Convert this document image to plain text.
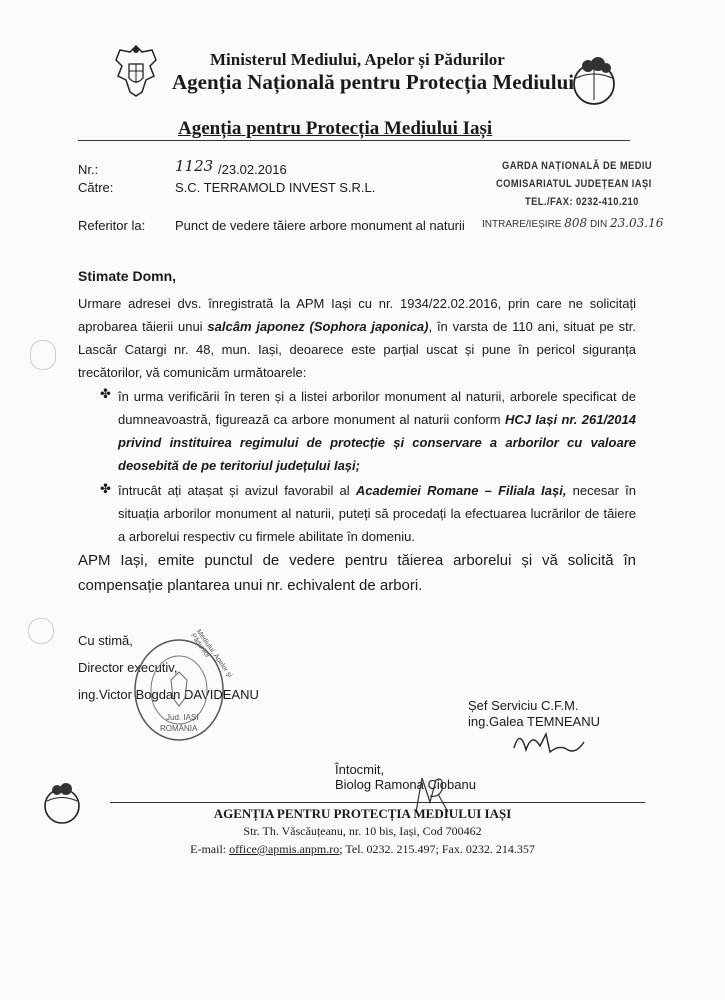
Ministerul Mediului, Apelor și Pădurilor
Agenția Națională pentru Protecția Mediului
Agenția pentru Protecția Mediului Iași
Nr.:	1123 /23.02.2016
Către:	S.C. TERRAMOLD INVEST S.R.L.
Referitor la: Punct de vedere tăiere arbore monument al naturii
GARDA NAȚIONALĂ DE MEDIU
COMISARIATUL JUDEȚEAN IAȘI
TEL./FAX: 0232-410.210
INTRARE/IEȘIRE 808 DIN 23.03.16
Stimate Domn,
Urmare adresei dvs. înregistrată la APM Iași cu nr. 1934/22.02.2016, prin care ne solicitați aprobarea tăierii unui salcâm japonez (Sophora japonica), în varsta de 110 ani, situat pe str. Lascăr Catargi nr. 48, mun. Iași, deoarece este parțial uscat și pune în pericol siguranța trecătorilor, vă comunicăm următoarele:
✤ în urma verificării în teren și a listei arborilor monument al naturii, arborele specificat de dumneavoastră, figurează ca arbore monument al naturii conform HCJ Iași nr. 261/2014 privind instituirea regimului de protecție și conservare a arborilor cu valoare deosebită de pe teritoriul județului Iași;
✤ întrucât ați atașat și avizul favorabil al Academiei Romane – Filiala Iași, necesar în situația arborilor monument al naturii, puteți să procedați la efectuarea lucrărilor de tăiere a arborelui respectiv cu firmele abilitate în domeniu.
APM Iași, emite punctul de vedere pentru tăierea arborelui și vă solicită în compensație plantarea unui nr. echivalent de arbori.
Cu stimă,
Director executiv,
ing.Victor Bogdan DAVIDEANU
Mediului, Apelor și Pădurilor
Jud. IAȘI
ROMÂNIA
Șef Serviciu C.F.M.
ing.Galea TEMNEANU
Întocmit,
Biolog Ramona Ciobanu
AGENȚIA PENTRU PROTECȚIA MEDIULUI IAȘI
Str. Th. Văscăuțeanu, nr. 10 bis, Iași, Cod 700462
E-mail: office@apmis.anpm.ro; Tel. 0232. 215.497; Fax. 0232. 214.357
